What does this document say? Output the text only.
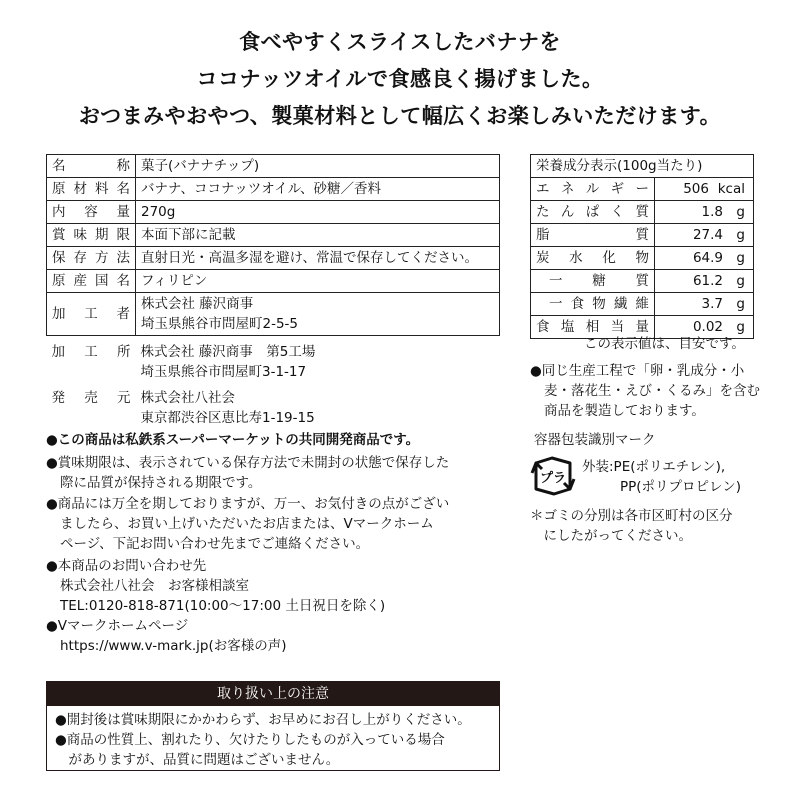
食べやすくスライスしたバナナを
ココナッツオイルで食感良く揚げました。
おつまみやおやつ、製菓材料として幅広くお楽しみいただけます。
名称	菓子(バナナチップ)
原材料名	バナナ、ココナッツオイル、砂糖／香料
内容量	270g
賞味期限	本面下部に記載
保存方法	直射日光・高温多湿を避け、常温で保存してください。
原産国名	フィリピン
加工者	株式会社 藤沢商事
埼玉県熊谷市問屋町2-5-5

加工所	株式会社 藤沢商事　第5工場
埼玉県熊谷市問屋町3-1-17

発売元	株式会社八社会
東京都渋谷区恵比寿1-19-15
●この商品は私鉄系スーパーマーケットの共同開発商品です。
●賞味期限は、表示されている保存方法で未開封の状態で保存した
際に品質が保持される期限です。
●商品には万全を期しておりますが、万一、お気付きの点がござい
ましたら、お買い上げいただいたお店または、Vマークホーム
ページ、下記お問い合わせ先までご連絡ください。
●本商品のお問い合わせ先
株式会社八社会　お客様相談室
TEL:0120-818-871(10:00〜17:00 土日祝日を除く)
●Vマークホームページ
https://www.v-mark.jp(お客様の声)
取り扱い上の注意
●開封後は賞味期限にかかわらず、お早めにお召し上がりください。
●商品の性質上、割れたり、欠けたりしたものが入っている場合
　がありますが、品質に問題はございません。
栄養成分表示(100g当たり)	
エネルギー	506 kcal

たんぱく質	1.8 g

脂質	27.4 g

炭水化物	64.9 g

一糖質	61.2 g

一食物繊維	3.7 g

食塩相当量	0.02 g
この表示値は、目安です。
●同じ生産工程で「卵・乳成分・小
麦・落花生・えび・くるみ」を含む
商品を製造しております。
容器包装識別マーク
プラ
外装:PE(ポリエチレン),
PP(ポリプロピレン)
＊ゴミの分別は各市区町村の区分
　にしたがってください。
